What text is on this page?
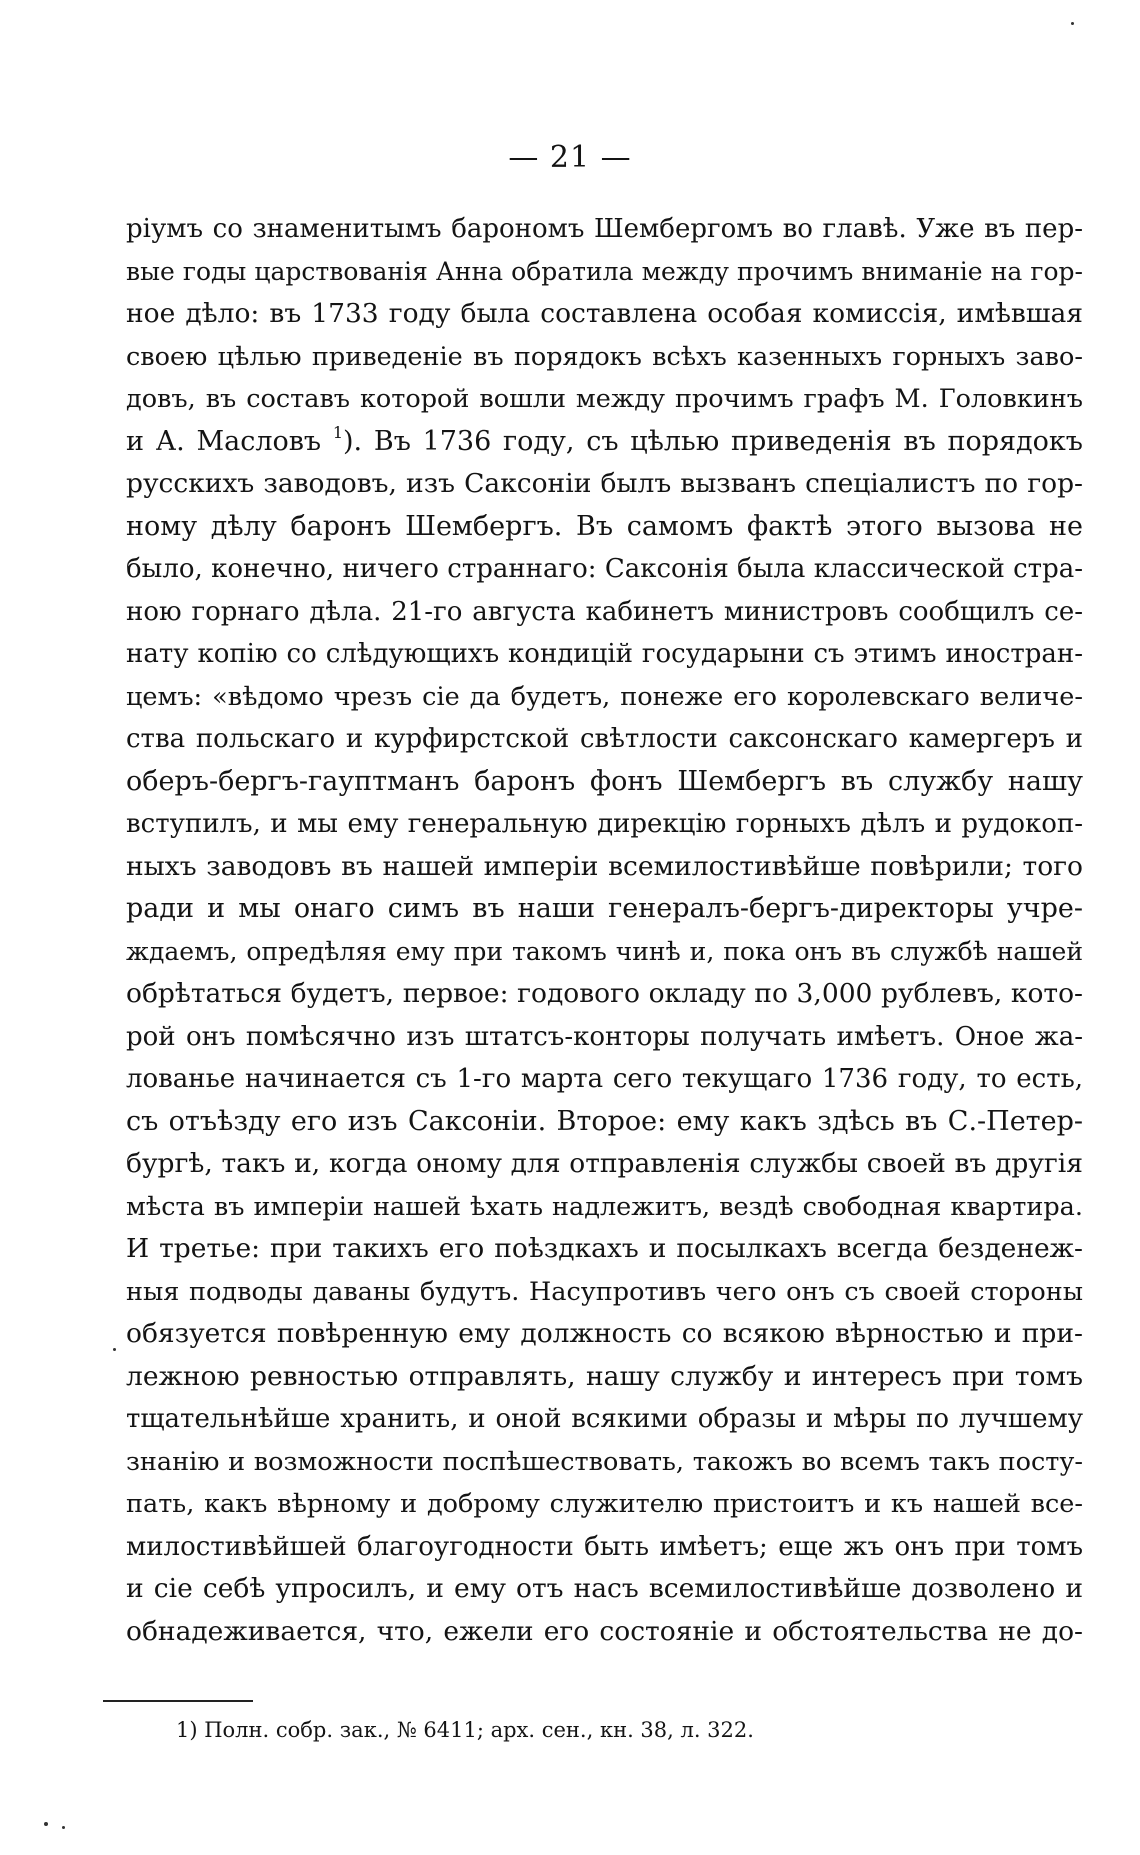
— 21 —
ріумъ со знаменитымъ барономъ Шембергомъ во главѣ. Уже въ пер-
вые годы царствованія Анна обратила между прочимъ вниманіе на гор-
ное дѣло: въ 1733 году была составлена особая комиссія, имѣвшая
своею цѣлью приведеніе въ порядокъ всѣхъ казенныхъ горныхъ заво-
довъ, въ составъ которой вошли между прочимъ графъ М. Головкинъ
и А. Масловъ $^1$). Въ 1736 году, съ цѣлью приведенія въ порядокъ
русскихъ заводовъ, изъ Саксоніи былъ вызванъ спеціалистъ по гор-
ному дѣлу баронъ Шембергъ. Въ самомъ фактѣ этого вызова не
было, конечно, ничего страннаго: Саксонія была классической стра-
ною горнаго дѣла. 21-го августа кабинетъ министровъ сообщилъ се-
нату копію со слѣдующихъ кондицій государыни съ этимъ иностран-
цемъ: «вѣдомо чрезъ сіе да будетъ, понеже его королевскаго величе-
ства польскаго и курфирстской свѣтлости саксонскаго камергеръ и
оберъ-бергъ-гауптманъ баронъ фонъ Шембергъ въ службу нашу
вступилъ, и мы ему генеральную дирекцію горныхъ дѣлъ и рудокоп-
ныхъ заводовъ въ нашей имперіи всемилостивѣйше повѣрили; того
ради и мы онаго симъ въ наши генералъ-бергъ-директоры учре-
ждаемъ, опредѣляя ему при такомъ чинѣ и, пока онъ въ службѣ нашей
обрѣтаться будетъ, первое: годового окладу по 3,000 рублевъ, кото-
рой онъ помѣсячно изъ штатсъ-конторы получать имѣетъ. Оное жа-
лованье начинается съ 1-го марта сего текущаго 1736 году, то есть,
съ отъѣзду его изъ Саксоніи. Второе: ему какъ здѣсь въ С.-Петер-
бургѣ, такъ и, когда оному для отправленія службы своей въ другія
мѣста въ имперіи нашей ѣхать надлежитъ, вездѣ свободная квартира.
И третье: при такихъ его поѣздкахъ и посылкахъ всегда безденеж-
ныя подводы даваны будутъ. Насупротивъ чего онъ съ своей стороны
обязуется повѣренную ему должность со всякою вѣрностью и при-
лежною ревностью отправлять, нашу службу и интересъ при томъ
тщательнѣйше хранить, и оной всякими образы и мѣры по лучшему
знанію и возможности поспѣшествовать, такожъ во всемъ такъ посту-
пать, какъ вѣрному и доброму служителю пристоитъ и къ нашей все-
милостивѣйшей благоугодности быть имѣетъ; еще жъ онъ при томъ
и сіе себѣ упросилъ, и ему отъ насъ всемилостивѣйше дозволено и
обнадеживается, что, ежели его состояніе и обстоятельства не до-
1) Полн. собр. зак., № 6411; арх. сен., кн. 38, л. 322.
